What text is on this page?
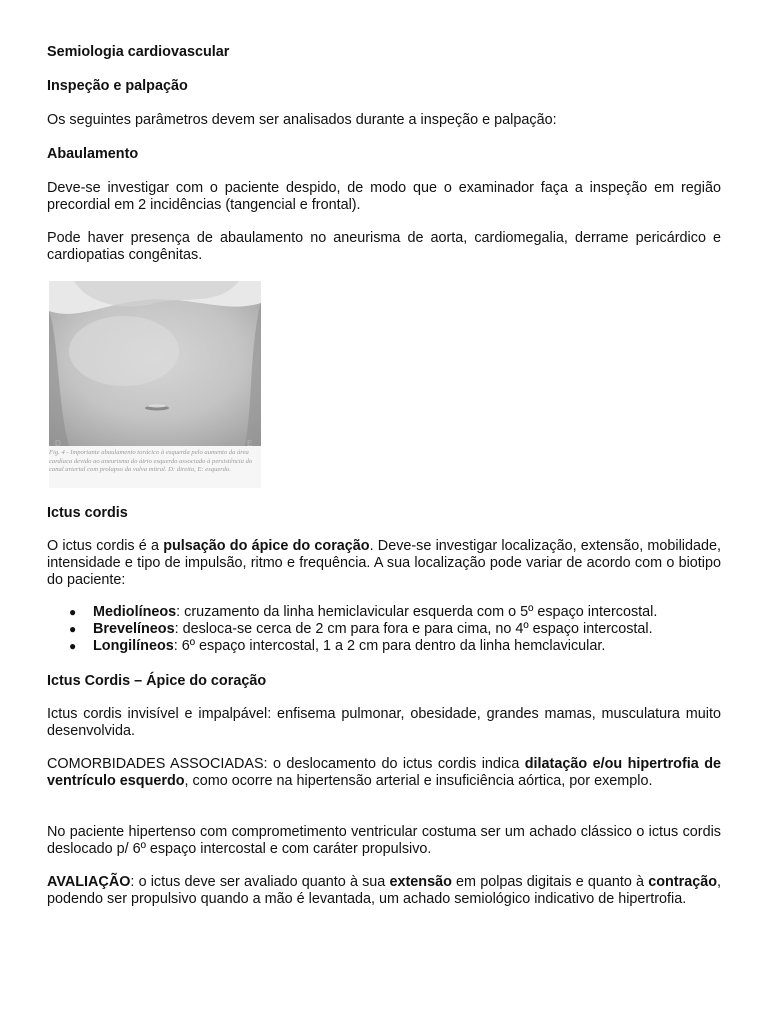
Semiologia cardiovascular
Inspeção e palpação

Os seguintes parâmetros devem ser analisados durante a inspeção e palpação:

Abaulamento

Deve-se investigar com o paciente despido, de modo que o examinador faça a inspeção em região precordial em 2 incidências (tangencial e frontal).

Pode haver presença de abaulamento no aneurisma de aorta, cardiomegalia, derrame pericárdico e cardiopatias congênitas.

D	E

Fig. 4 - Importante abaulamento torácico à esquerda pelo aumento da área cardíaca devido ao aneurisma do átrio esquerdo associado à persistência do canal arterial com prolapso da valva mitral. D: direito, E: esquerdo.

Ictus cordis

O ictus cordis é a pulsação do ápice do coração. Deve-se investigar localização, extensão, mobilidade, intensidade e tipo de impulsão, ritmo e frequência. A sua localização pode variar de acordo com o biotipo do paciente:

● Mediolíneos: cruzamento da linha hemiclavicular esquerda com o 5º espaço intercostal.
● Brevelíneos: desloca-se cerca de 2 cm para fora e para cima, no 4º espaço intercostal.
● Longilíneos: 6º espaço intercostal, 1 a 2 cm para dentro da linha hemclavicular.
Ictus Cordis – Ápice do coração

Ictus cordis invisível e impalpável: enfisema pulmonar, obesidade, grandes mamas, musculatura muito desenvolvida.

COMORBIDADES ASSOCIADAS: o deslocamento do ictus cordis indica dilatação e/ou hipertrofia de ventrículo esquerdo, como ocorre na hipertensão arterial e insuficiência aórtica, por exemplo.

No paciente hipertenso com comprometimento ventricular costuma ser um achado clássico o ictus cordis deslocado p/ 6º espaço intercostal e com caráter propulsivo.

AVALIAÇÃO: o ictus deve ser avaliado quanto à sua extensão em polpas digitais e quanto à contração, podendo ser propulsivo quando a mão é levantada, um achado semiológico indicativo de hipertrofia.
